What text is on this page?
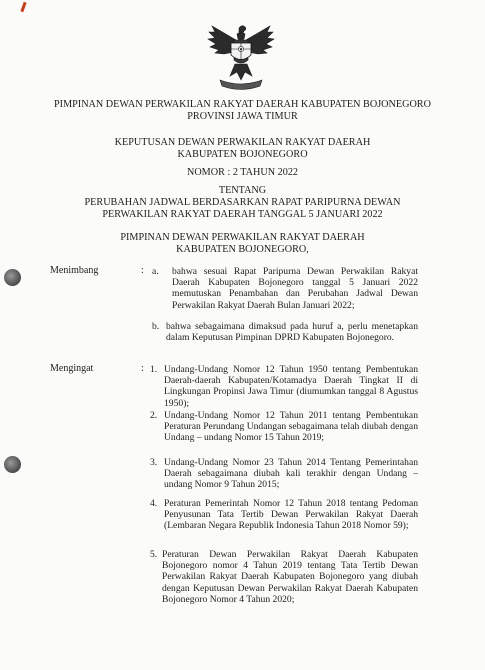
PIMPINAN DEWAN PERWAKILAN RAKYAT DAERAH KABUPATEN BOJONEGORO
PROVINSI JAWA TIMUR
KEPUTUSAN DEWAN PERWAKILAN RAKYAT DAERAH
KABUPATEN BOJONEGORO
NOMOR : 2 TAHUN 2022
TENTANG
PERUBAHAN JADWAL BERDASARKAN RAPAT PARIPURNA DEWAN
PERWAKILAN RAKYAT DAERAH TANGGAL 5 JANUARI 2022
PIMPINAN DEWAN PERWAKILAN RAKYAT DAERAH
KABUPATEN BOJONEGORO,
Menimbang	: a. bahwa sesuai Rapat Paripurna Dewan Perwakilan Rakyat Daerah Kabupaten Bojonegoro tanggal 5 Januari 2022 memutuskan Penambahan dan Perubahan Jadwal Dewan Perwakilan Rakyat Daerah Bulan Januari 2022;
b. bahwa sebagaimana dimaksud pada huruf a, perlu menetapkan dalam Keputusan Pimpinan DPRD Kabupaten Bojonegoro.
Mengingat	: 1. Undang-Undang Nomor 12 Tahun 1950 tentang Pembentukan Daerah-daerah Kabupaten/Kotamadya Daerah Tingkat II di Lingkungan Propinsi Jawa Timur (diumumkan tanggal 8 Agustus 1950);
2. Undang-Undang Nomor 12 Tahun 2011 tentang Pembentukan Peraturan Perundang Undangan sebagaimana telah diubah dengan Undang – undang Nomor 15 Tahun 2019;
3. Undang-Undang Nomor 23 Tahun 2014 Tentang Pemerintahan Daerah sebagaimana diubah kali terakhir dengan Undang – undang Nomor 9 Tahun 2015;
4. Peraturan Pemerintah Nomor 12 Tahun 2018 tentang Pedoman Penyusunan Tata Tertib Dewan Perwakilan Rakyat Daerah (Lembaran Negara Republik Indonesia Tahun 2018 Nomor 59);
5. Peraturan Dewan Perwakilan Rakyat Daerah Kabupaten Bojonegoro nomor 4 Tahun 2019 tentang Tata Tertib Dewan Perwakilan Rakyat Daerah Kabupaten Bojonegoro yang diubah dengan Keputusan Dewan Perwakilan Rakyat Daerah Kabupaten Bojonegoro Nomor 4 Tahun 2020;
